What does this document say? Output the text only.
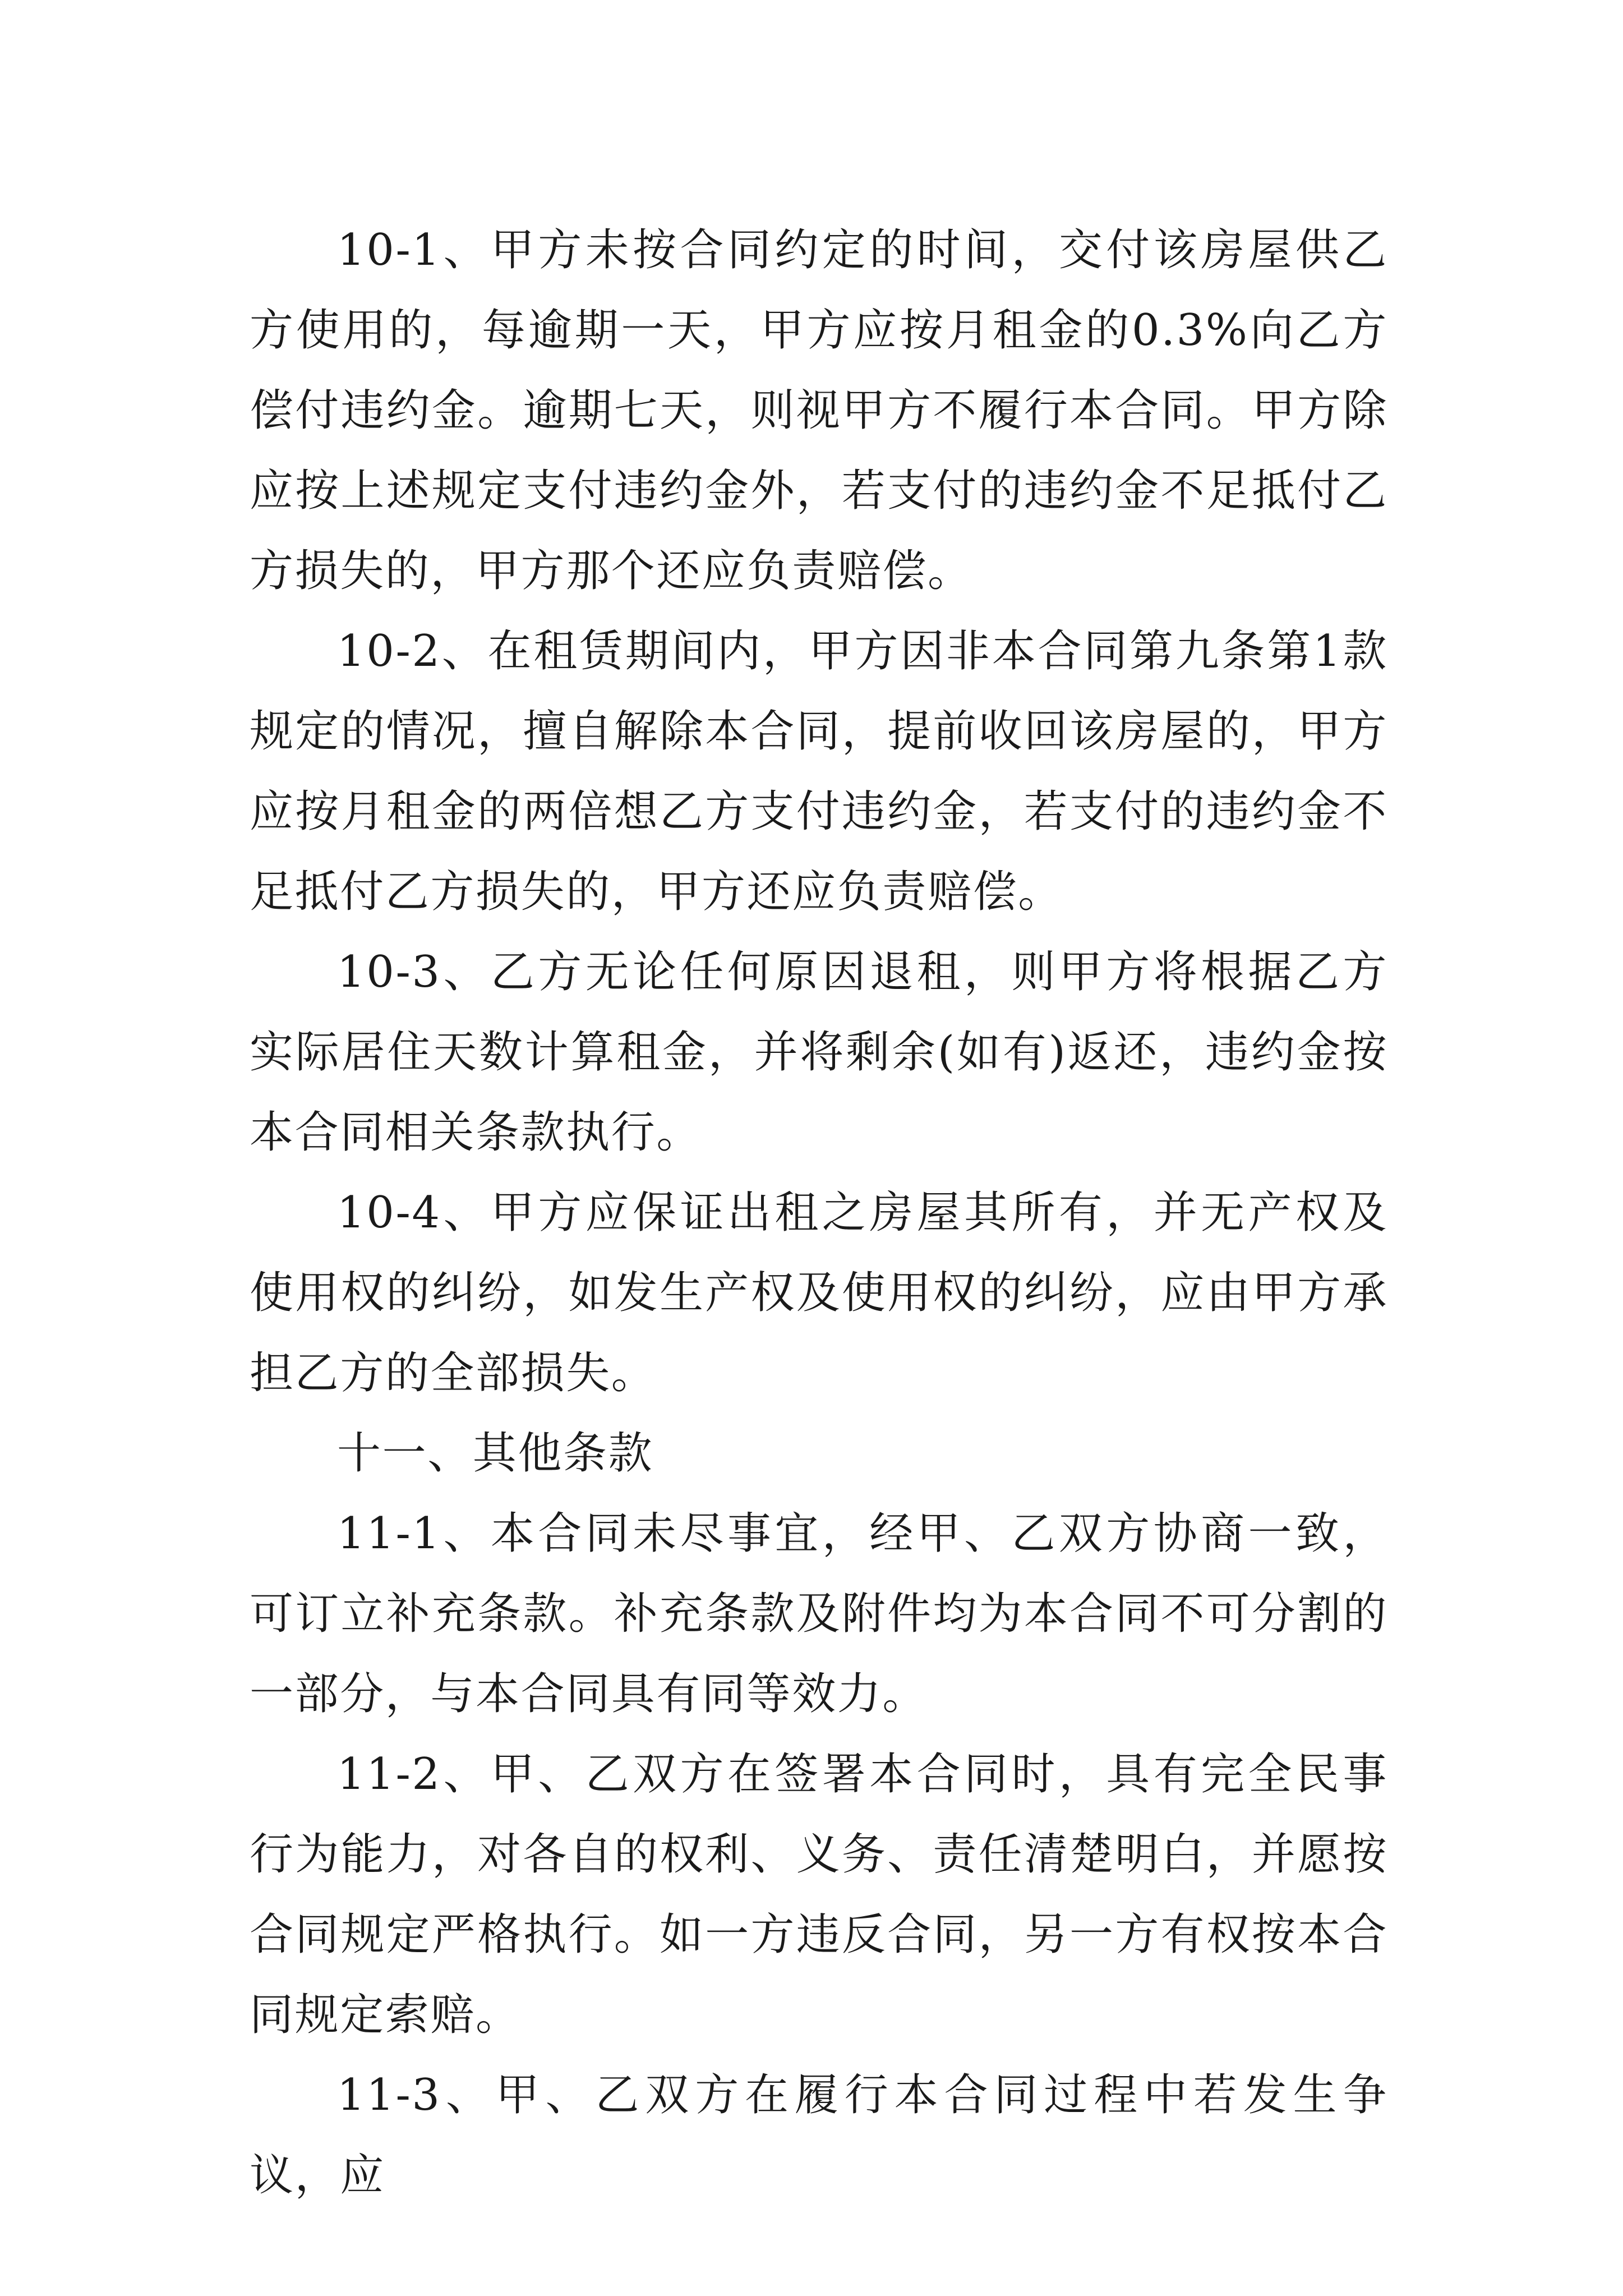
10-1、甲方未按合同约定的时间，交付该房屋供乙方使用的，每逾期一天，甲方应按月租金的0.3%向乙方偿付违约金。逾期七天，则视甲方不履行本合同。甲方除应按上述规定支付违约金外，若支付的违约金不足抵付乙方损失的，甲方那个还应负责赔偿。

10-2、在租赁期间内，甲方因非本合同第九条第1款规定的情况，擅自解除本合同，提前收回该房屋的，甲方应按月租金的两倍想乙方支付违约金，若支付的违约金不足抵付乙方损失的，甲方还应负责赔偿。

10-3、乙方无论任何原因退租，则甲方将根据乙方实际居住天数计算租金，并将剩余(如有)返还，违约金按本合同相关条款执行。

10-4、甲方应保证出租之房屋其所有，并无产权及使用权的纠纷，如发生产权及使用权的纠纷，应由甲方承担乙方的全部损失。

十一、其他条款

11-1、本合同未尽事宜，经甲、乙双方协商一致，可订立补充条款。补充条款及附件均为本合同不可分割的一部分，与本合同具有同等效力。

11-2、甲、乙双方在签署本合同时，具有完全民事行为能力，对各自的权利、义务、责任清楚明白，并愿按合同规定严格执行。如一方违反合同，另一方有权按本合同规定索赔。

11-3、甲、乙双方在履行本合同过程中若发生争议，应
